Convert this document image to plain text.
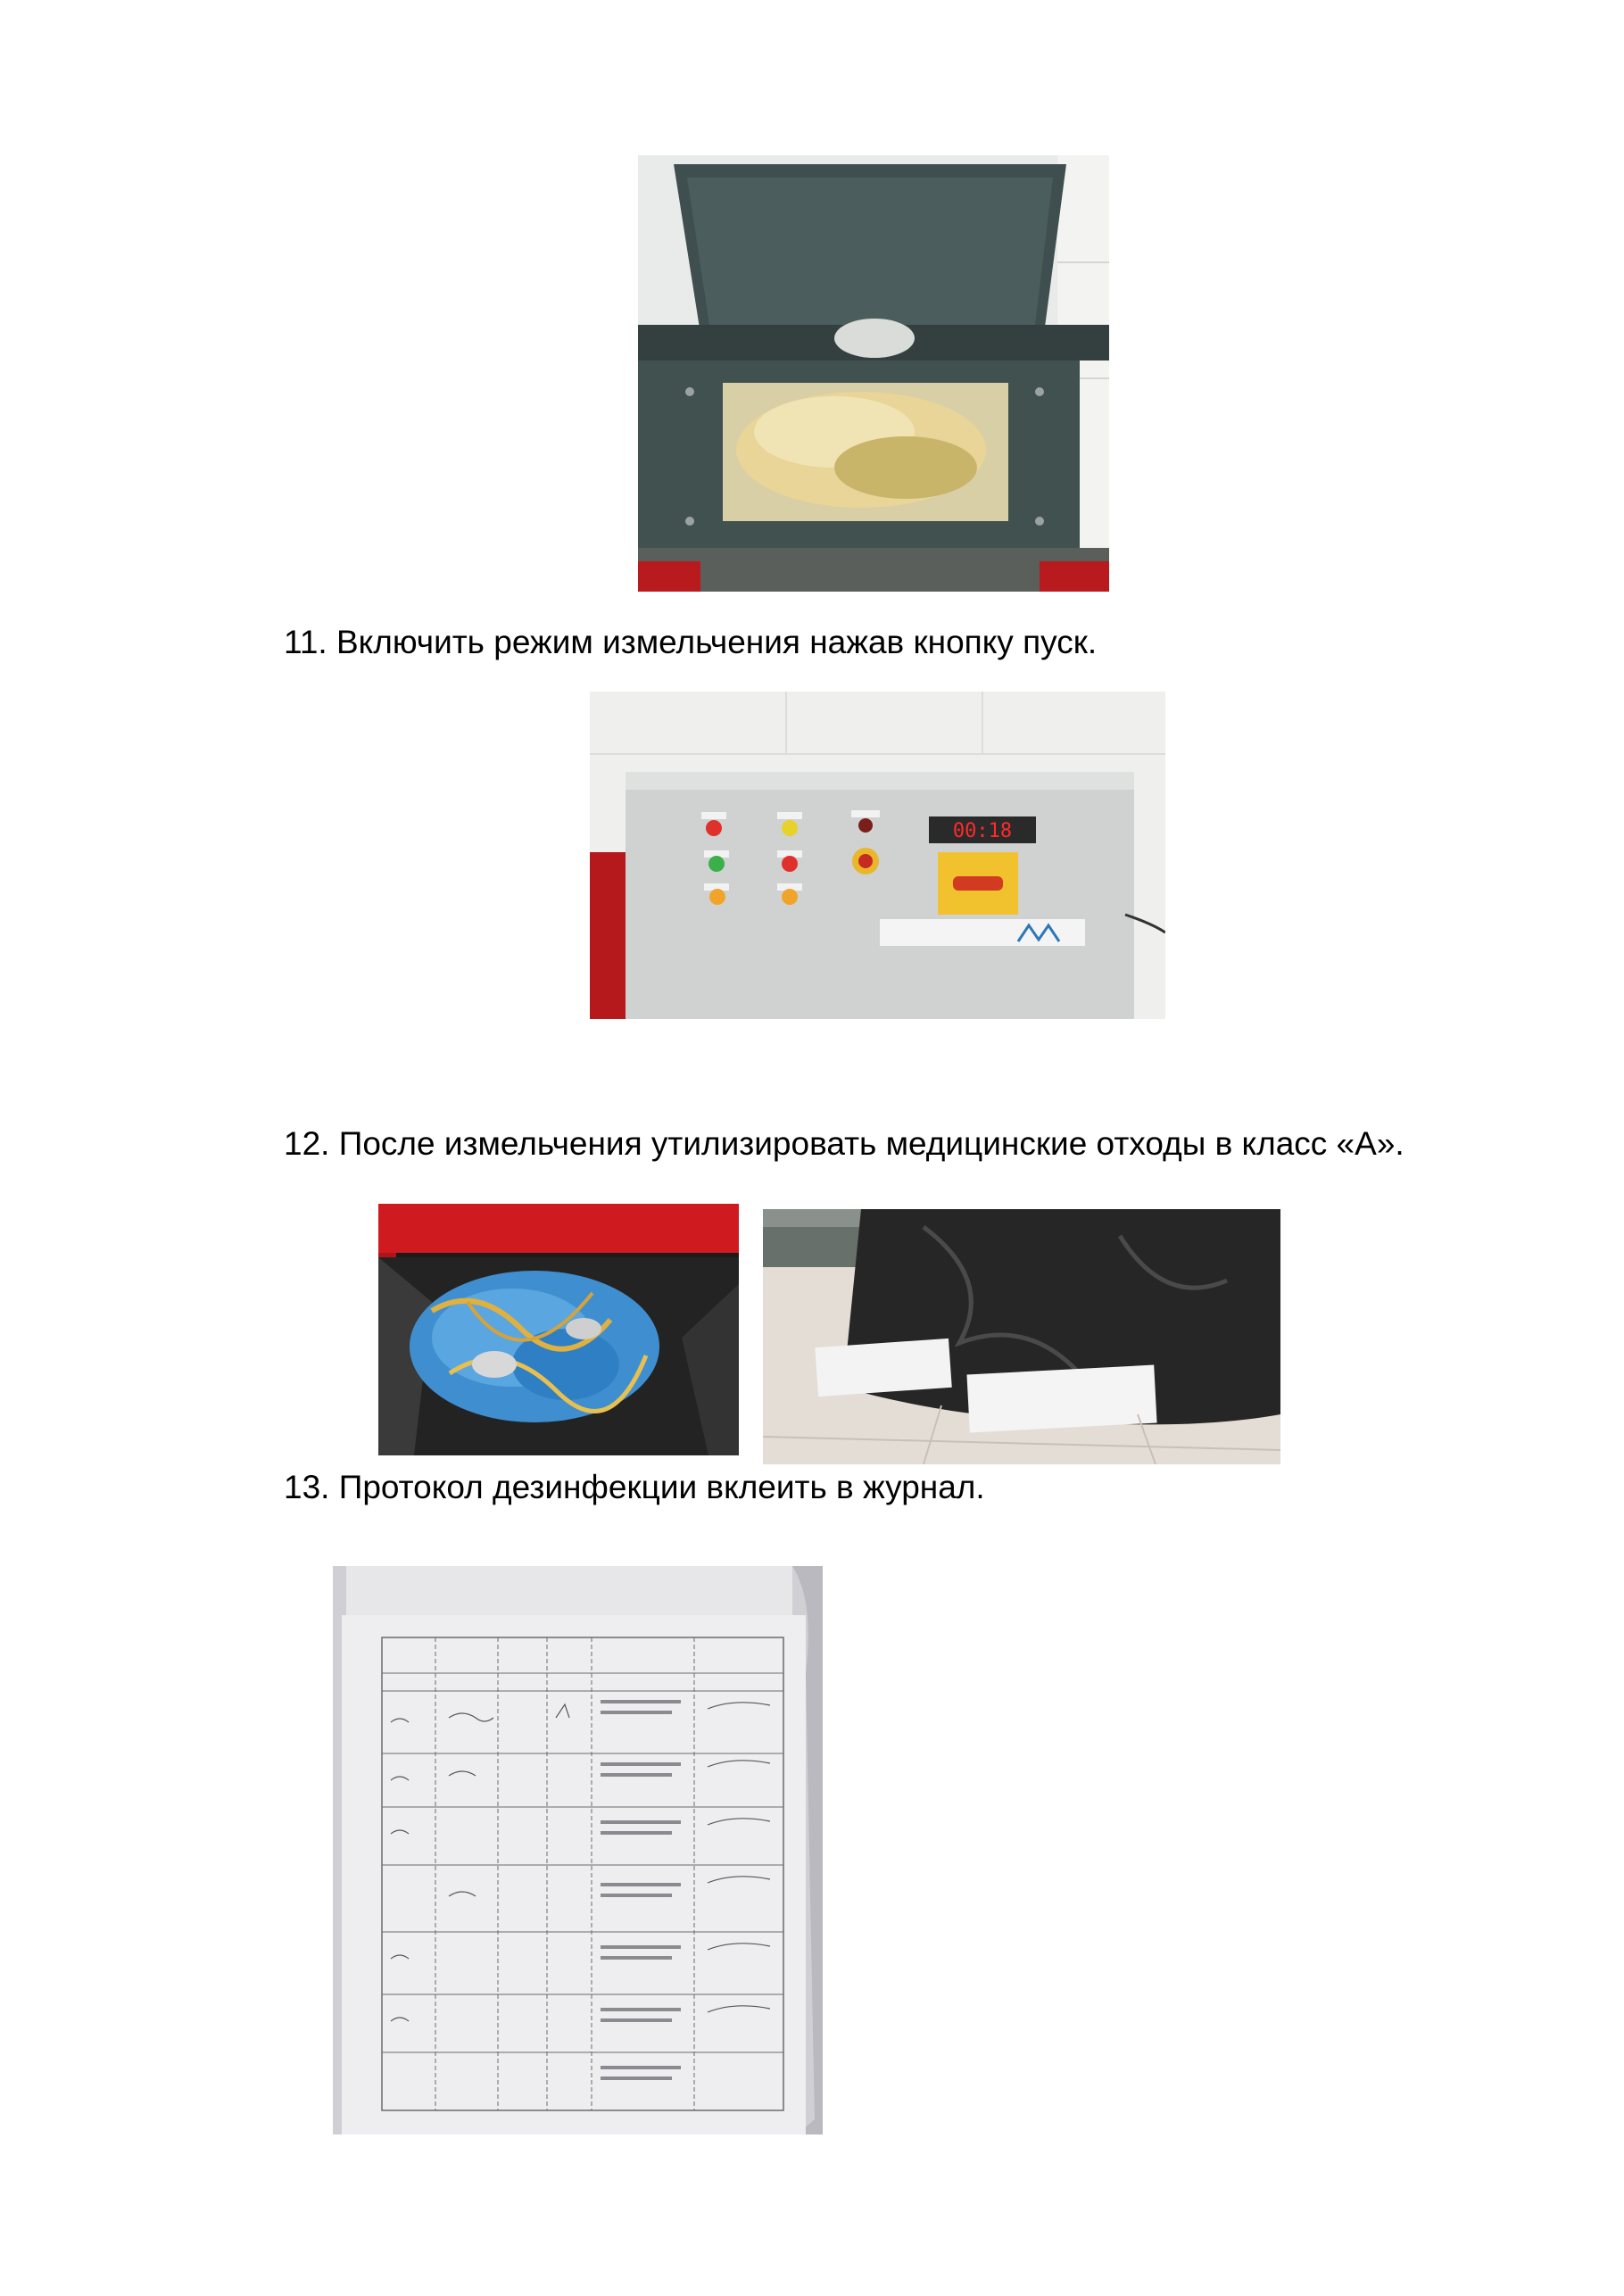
11. Включить режим измельчения нажав кнопку пуск.
00:18
12. После измельчения утилизировать медицинские отходы в класс «А».
13. Протокол дезинфекции вклеить в журнал.
